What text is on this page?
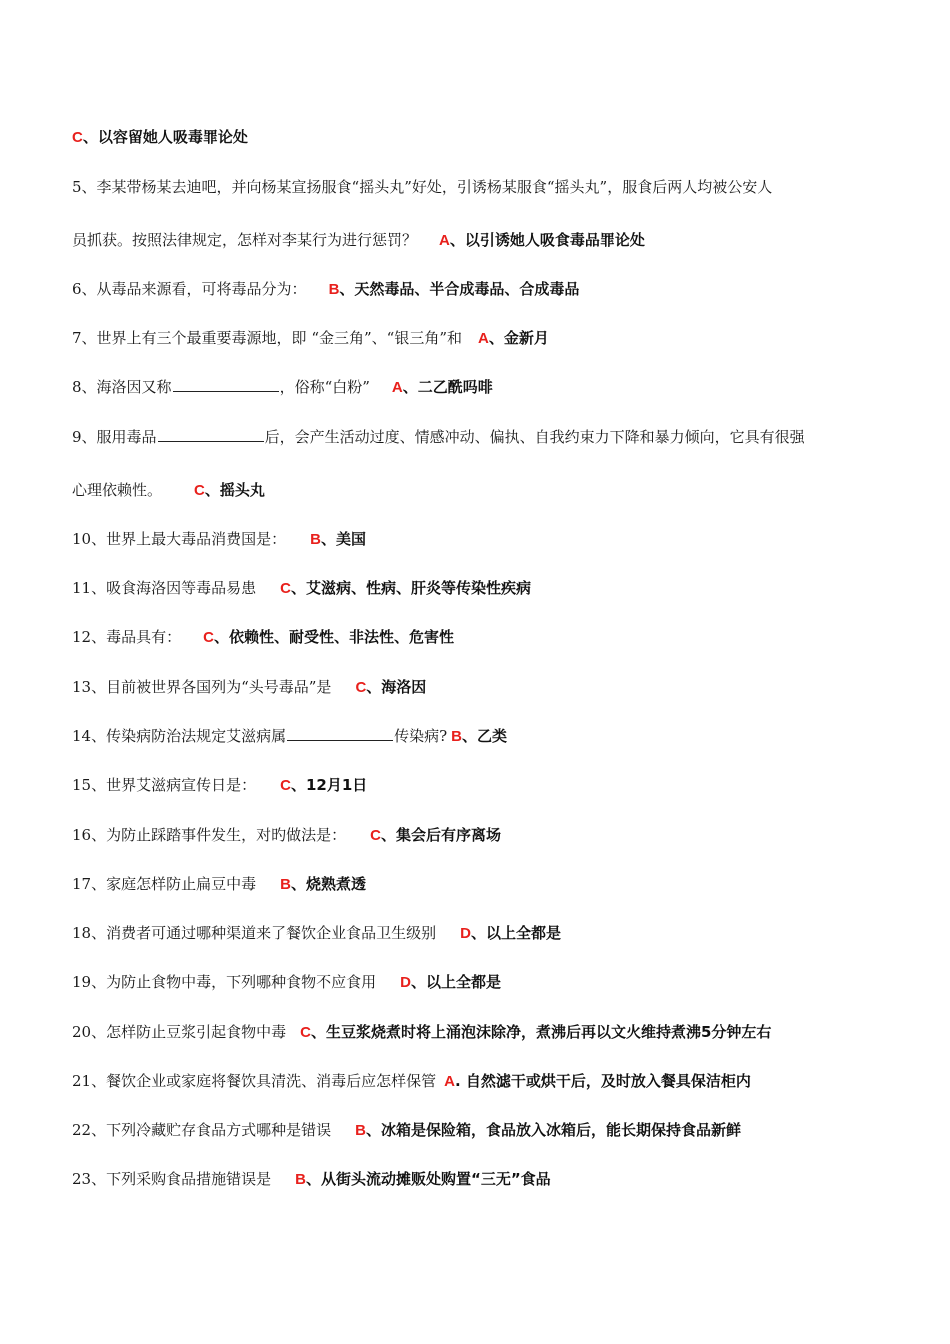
C、以容留她人吸毒罪论处
5、李某带杨某去迪吧，并向杨某宣扬服食“摇头丸”好处，引诱杨某服食“摇头丸”，服食后两人均被公安人
员抓获。按照法律规定，怎样对李某行为进行惩罚？ A、以引诱她人吸食毒品罪论处
6、从毒品来源看，可将毒品分为： B、天然毒品、半合成毒品、合成毒品
7、世界上有三个最重要毒源地，即 “金三角”、“银三角”和 A、金新月
8、海洛因又称	，俗称“白粉” A、二乙酰吗啡
9、服用毒品	后，会产生活动过度、情感冲动、偏执、自我约束力下降和暴力倾向，它具有很强
心理依赖性。 C、摇头丸
10、世界上最大毒品消费国是： B、美国
11、吸食海洛因等毒品易患 C、艾滋病、性病、肝炎等传染性疾病
12、毒品具有： C、依赖性、耐受性、非法性、危害性
13、目前被世界各国列为“头号毒品”是 C、海洛因
14、传染病防治法规定艾滋病属	传染病? B、乙类
15、世界艾滋病宣传日是： C、12月1日
16、为防止踩踏事件发生，对旳做法是： C、集会后有序离场
17、家庭怎样防止扁豆中毒 B、烧熟煮透
18、消费者可通过哪种渠道来了餐饮企业食品卫生级别 D、以上全都是
19、为防止食物中毒，下列哪种食物不应食用 D、以上全都是
20、怎样防止豆浆引起食物中毒 C、生豆浆烧煮时将上涌泡沫除净，煮沸后再以文火维持煮沸5分钟左右
21、餐饮企业或家庭将餐饮具清洗、消毒后应怎样保管 A. 自然滤干或烘干后，及时放入餐具保洁柜内
22、下列冷藏贮存食品方式哪种是错误 B、冰箱是保险箱，食品放入冰箱后，能长期保持食品新鲜
23、下列采购食品措施错误是 B、从街头流动摊贩处购置“三无”食品
